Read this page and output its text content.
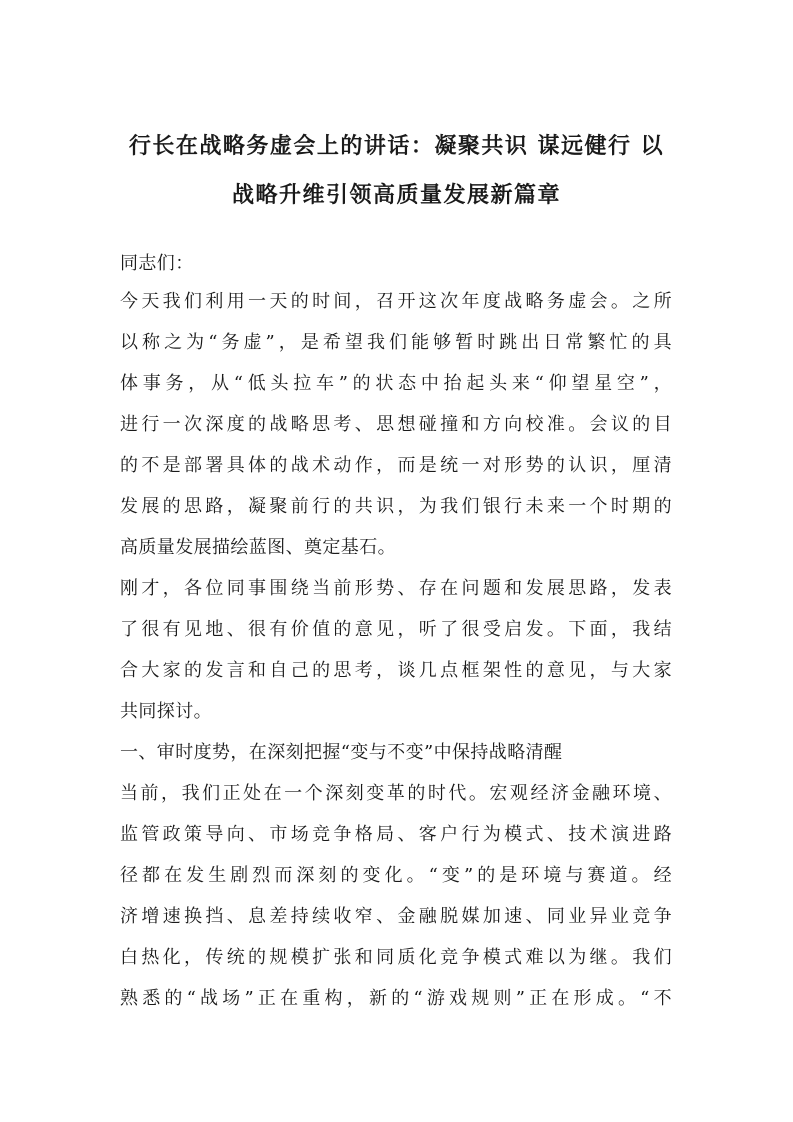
行长在战略务虚会上的讲话：凝聚共识 谋远健行 以
战略升维引领高质量发展新篇章
同志们：
今天我们利用一天的时间，召开这次年度战略务虚会。之所
以称之为“务虚”，是希望我们能够暂时跳出日常繁忙的具
体事务，从“低头拉车”的状态中抬起头来“仰望星空”，
进行一次深度的战略思考、思想碰撞和方向校准。会议的目
的不是部署具体的战术动作，而是统一对形势的认识，厘清
发展的思路，凝聚前行的共识，为我们银行未来一个时期的
高质量发展描绘蓝图、奠定基石。
刚才，各位同事围绕当前形势、存在问题和发展思路，发表
了很有见地、很有价值的意见，听了很受启发。下面，我结
合大家的发言和自己的思考，谈几点框架性的意见，与大家
共同探讨。
一、审时度势，在深刻把握“变与不变”中保持战略清醒
当前，我们正处在一个深刻变革的时代。宏观经济金融环境、
监管政策导向、市场竞争格局、客户行为模式、技术演进路
径都在发生剧烈而深刻的变化。“变”的是环境与赛道。经
济增速换挡、息差持续收窄、金融脱媒加速、同业异业竞争
白热化，传统的规模扩张和同质化竞争模式难以为继。我们
熟悉的“战场”正在重构，新的“游戏规则”正在形成。“不
